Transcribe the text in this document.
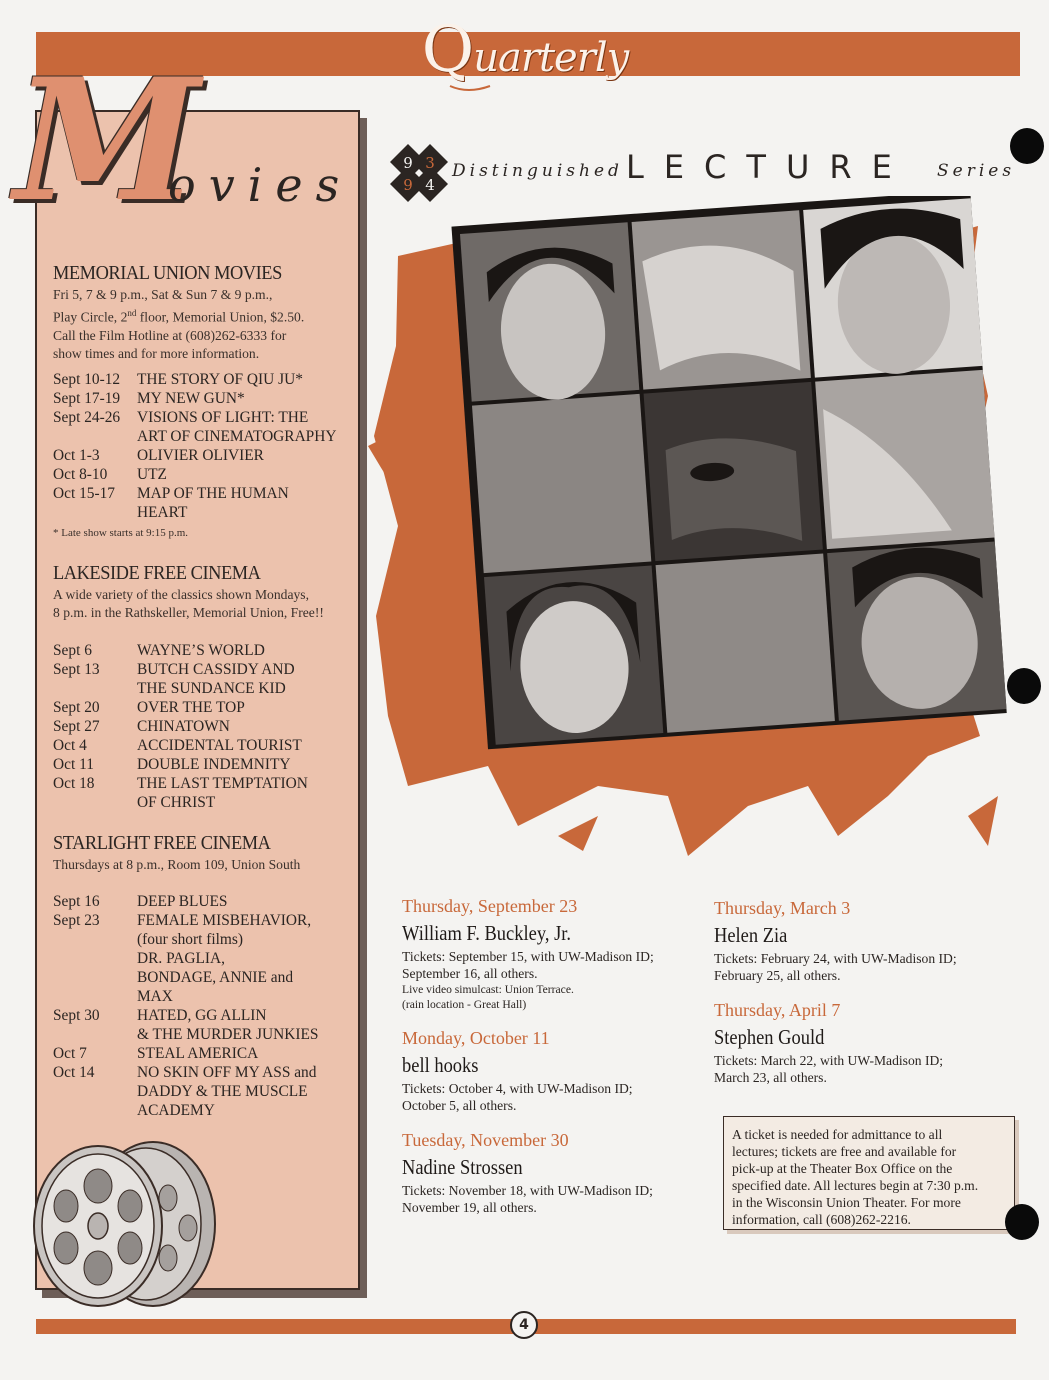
Quarterly
M
ovies
MEMORIAL UNION MOVIES
Fri 5, 7 & 9 p.m., Sat & Sun 7 & 9 p.m.,
Play Circle, 2nd floor, Memorial Union, $2.50.
Call the Film Hotline at (608)262-6333 for
show times and for more information.
Sept 10-12	THE STORY OF QIU JU*
Sept 17-19	MY NEW GUN*
Sept 24-26	VISIONS OF LIGHT: THE
ART OF CINEMATOGRAPHY
Oct 1-3	OLIVIER OLIVIER
Oct 8-10	UTZ
Oct 15-17	MAP OF THE HUMAN
HEART
* Late show starts at 9:15 p.m.
LAKESIDE FREE CINEMA
A wide variety of the classics shown Mondays,
8 p.m. in the Rathskeller, Memorial Union, Free!!
Sept 6	WAYNE’S WORLD
Sept 13	BUTCH CASSIDY AND
THE SUNDANCE KID
Sept 20	OVER THE TOP
Sept 27	CHINATOWN
Oct 4	ACCIDENTAL TOURIST
Oct 11	DOUBLE INDEMNITY
Oct 18	THE LAST TEMPTATION
OF CHRIST
STARLIGHT FREE CINEMA
Thursdays at 8 p.m., Room 109, Union South
Sept 16	DEEP BLUES
Sept 23	FEMALE MISBEHAVIOR,
(four short films)
DR. PAGLIA,
BONDAGE, ANNIE and
MAX
Sept 30	HATED, GG ALLIN
& THE MURDER JUNKIES
Oct 7	STEAL AMERICA
Oct 14	NO SKIN OFF MY ASS and
DADDY & THE MUSCLE
ACADEMY
9 3
9 4
Distinguished LECTURE Series
Thursday, September 23
William F. Buckley, Jr.
Tickets: September 15, with UW-Madison ID;
September 16, all others.
Live video simulcast: Union Terrace.
(rain location - Great Hall)
Monday, October 11
bell hooks
Tickets: October 4, with UW-Madison ID;
October 5, all others.
Tuesday, November 30
Nadine Strossen
Tickets: November 18, with UW-Madison ID;
November 19, all others.
Thursday, March 3
Helen Zia
Tickets: February 24, with UW-Madison ID;
February 25, all others.
Thursday, April 7
Stephen Gould
Tickets: March 22, with UW-Madison ID;
March 23, all others.
A ticket is needed for admittance to all
lectures; tickets are free and available for
pick-up at the Theater Box Office on the
specified date. All lectures begin at 7:30 p.m.
in the Wisconsin Union Theater. For more
information, call (608)262-2216.
4
